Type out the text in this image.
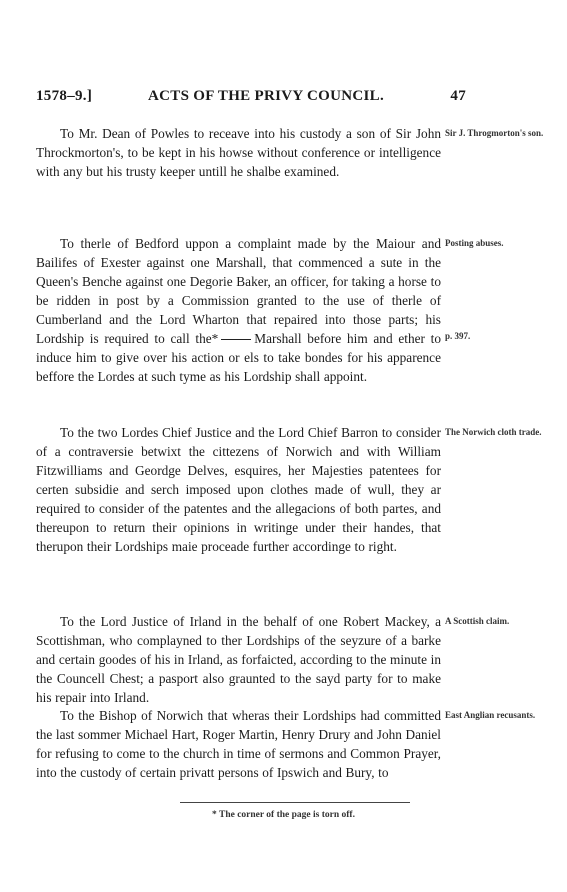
1578–9.]	ACTS OF THE PRIVY COUNCIL.	47

To Mr. Dean of Powles to receave into his custody a son of Sir John Throckmorton's, to be kept in his howse without conference or intelligence with any but his trusty keeper untill he shalbe examined.

Sir J. Throgmorton's son.

To therle of Bedford uppon a complaint made by the Maiour and Bailifes of Exester against one Marshall, that commenced a sute in the Queen's Benche against one Degorie Baker, an officer, for taking a horse to be ridden in post by a Commission granted to the use of therle of Cumberland and the Lord Wharton that repaired into those parts; his Lordship is required to call the*	Marshall before him and ether to induce him to give over his action or els to take bondes for his apparence beffore the Lordes at such tyme as his Lordship shall appoint.

Posting abuses.
p. 397.

To the two Lordes Chief Justice and the Lord Chief Barron to consider of a contraversie betwixt the cittezens of Norwich and with William Fitzwilliams and Geordge Delves, esquires, her Majesties patentees for certen subsidie and serch imposed upon clothes made of wull, they ar required to consider of the patentes and the allegacions of both partes, and thereupon to return their opinions in writinge under their handes, that therupon their Lordships maie proceade further accordinge to right.

The Norwich cloth trade.

To the Lord Justice of Irland in the behalf of one Robert Mackey, a Scottishman, who complayned to ther Lordships of the seyzure of a barke and certain goodes of his in Irland, as forfaicted, according to the minute in the Councell Chest; a pasport also graunted to the sayd party for to make his repair into Irland.

A Scottish claim.

To the Bishop of Norwich that wheras their Lordships had committed the last sommer Michael Hart, Roger Martin, Henry Drury and John Daniel for refusing to come to the church in time of sermons and Common Prayer, into the custody of certain privatt persons of Ipswich and Bury, to

East Anglian recusants.
* The corner of the page is torn off.
